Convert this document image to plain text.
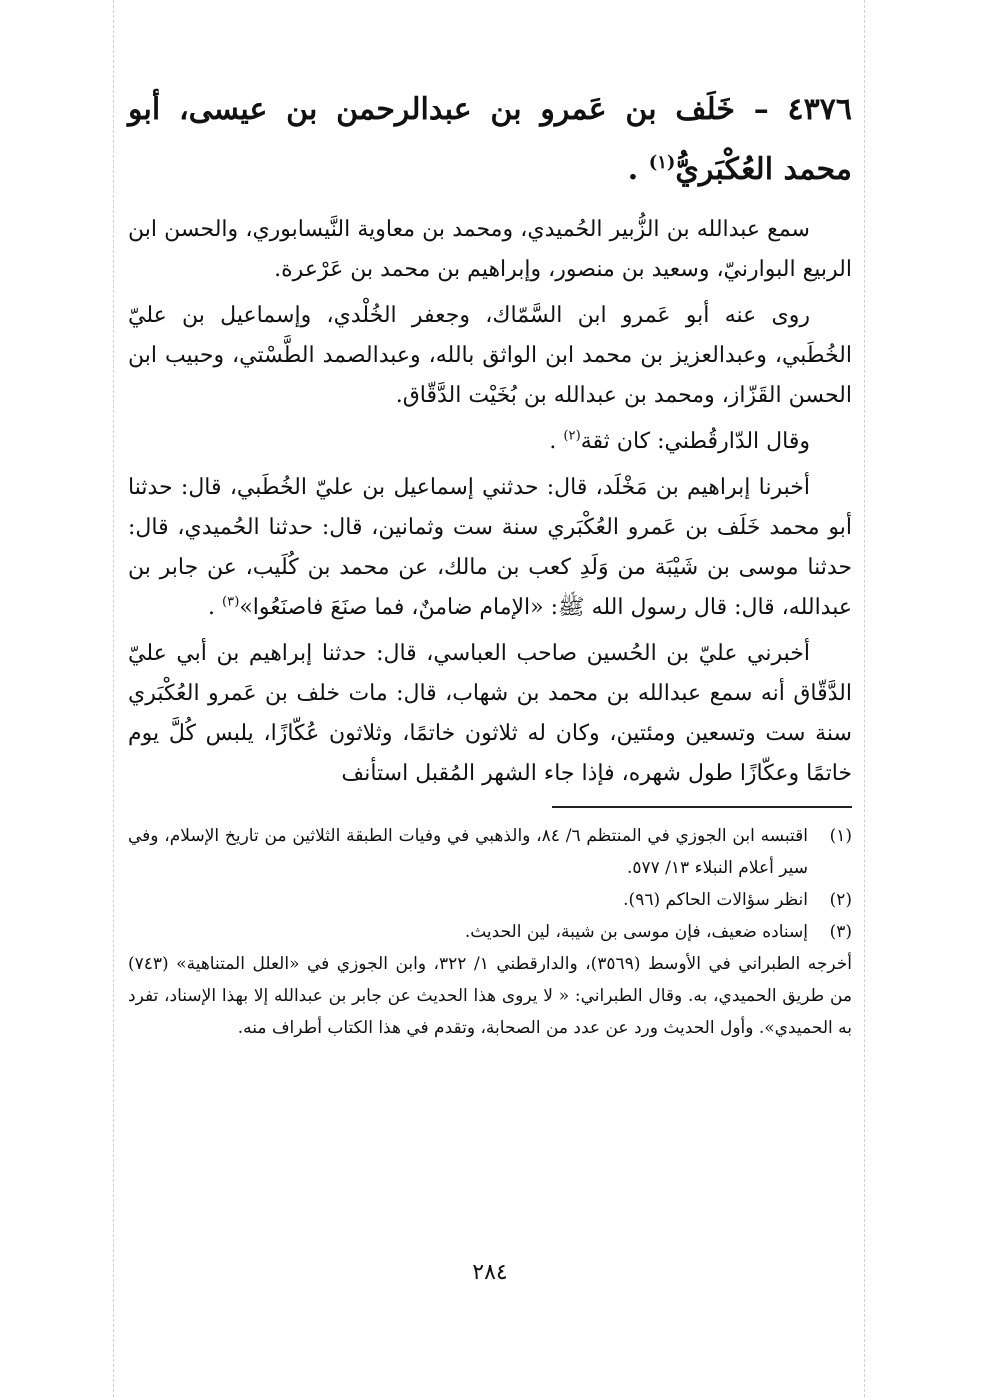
٤٣٧٦ – خَلَف بن عَمرو بن عبدالرحمن بن عيسى، أبو محمد العُكْبَريُّ$^{(١)}$ .

سمع عبدالله بن الزُّبير الحُميدي، ومحمد بن معاوية النَّيسابوري، والحسن ابن الربيع البوارنيّ، وسعيد بن منصور، وإبراهيم بن محمد بن عَرْعرة.

روى عنه أبو عَمرو ابن السَّمّاك، وجعفر الخُلْدي، وإسماعيل بن عليّ الخُطَبي، وعبدالعزيز بن محمد ابن الواثق بالله، وعبدالصمد الطَّسْتي، وحبيب ابن الحسن القَزّاز، ومحمد بن عبدالله بن بُخَيْت الدَّقّاق.

وقال الدّارقُطني: كان ثقة$^{(٢)}$ .

أخبرنا إبراهيم بن مَخْلَد، قال: حدثني إسماعيل بن عليّ الخُطَبي، قال: حدثنا أبو محمد خَلَف بن عَمرو العُكْبَري سنة ست وثمانين، قال: حدثنا الحُميدي، قال: حدثنا موسى بن شَيْبَة من وَلَدِ كعب بن مالك، عن محمد بن كُلَيب، عن جابر بن عبدالله، قال: قال رسول الله ﷺ: «الإمام ضامنٌ، فما صنَعَ فاصنَعُوا»$^{(٣)}$ .

أخبرني عليّ بن الحُسين صاحب العباسي، قال: حدثنا إبراهيم بن أبي عليّ الدَّقّاق أنه سمع عبدالله بن محمد بن شهاب، قال: مات خلف بن عَمرو العُكْبَري سنة ست وتسعين ومئتين، وكان له ثلاثون خاتمًا، وثلاثون عُكّازًا، يلبس كُلَّ يوم خاتمًا وعكّازًا طول شهره، فإذا جاء الشهر المُقبل استأنف

(١)
اقتبسه ابن الجوزي في المنتظم ٦/ ٨٤، والذهبي في وفيات الطبقة الثلاثين من تاريخ الإسلام، وفي سير أعلام النبلاء ١٣/ ٥٧٧.
(٢)
انظر سؤالات الحاكم (٩٦).
(٣)
إسناده ضعيف، فإن موسى بن شيبة، لين الحديث.

أخرجه الطبراني في الأوسط (٣٥٦٩)، والدارقطني ١/ ٣٢٢، وابن الجوزي في «العلل المتناهية» (٧٤٣) من طريق الحميدي، به. وقال الطبراني: « لا يروى هذا الحديث عن جابر بن عبدالله إلا بهذا الإسناد، تفرد به الحميدي». وأول الحديث ورد عن عدد من الصحابة، وتقدم في هذا الكتاب أطراف منه.

٢٨٤
